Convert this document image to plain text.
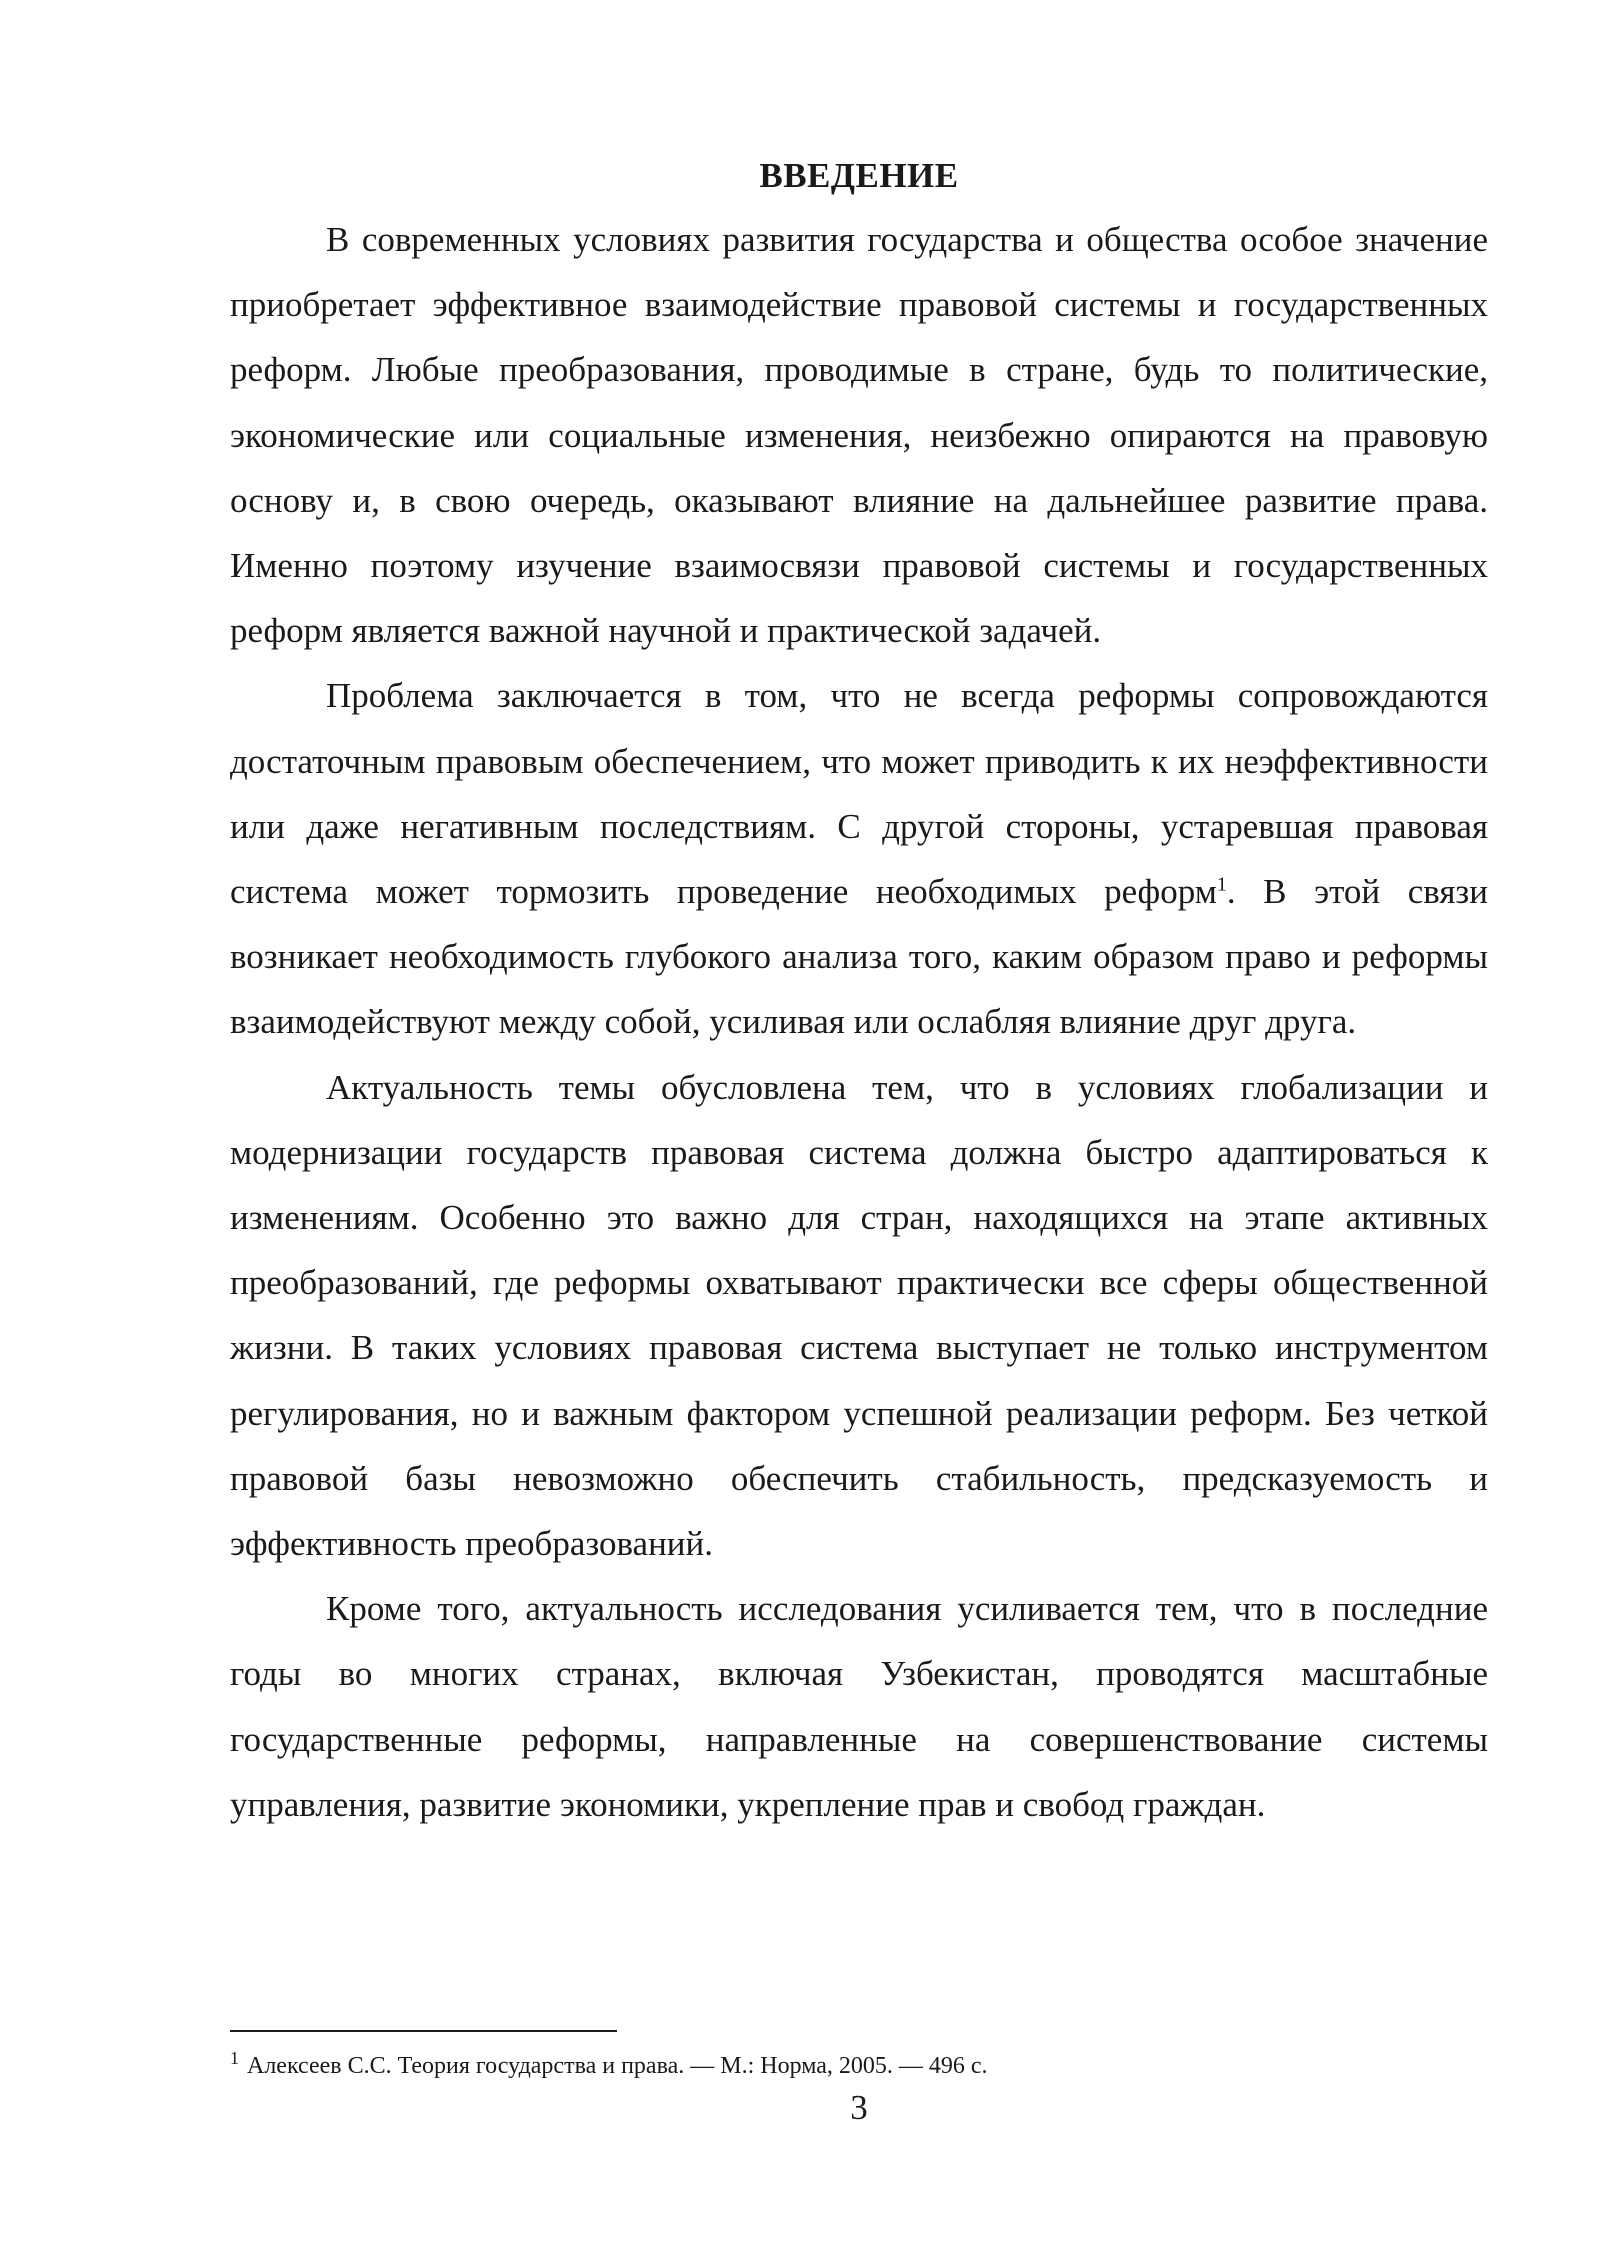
ВВЕДЕНИЕ

В современных условиях развития государства и общества особое значение приобретает эффективное взаимодействие правовой системы и государственных реформ. Любые преобразования, проводимые в стране, будь то политические, экономические или социальные изменения, неизбежно опираются на правовую основу и, в свою очередь, оказывают влияние на дальнейшее развитие права. Именно поэтому изучение взаимосвязи правовой системы и государственных реформ является важной научной и практической задачей.

Проблема заключается в том, что не всегда реформы сопровождаются достаточным правовым обеспечением, что может приводить к их неэффективности или даже негативным последствиям. С другой стороны, устаревшая правовая система может тормозить проведение необходимых реформ$^1$. В этой связи возникает необходимость глубокого анализа того, каким образом право и реформы взаимодействуют между собой, усиливая или ослабляя влияние друг друга.

Актуальность темы обусловлена тем, что в условиях глобализации и модернизации государств правовая система должна быстро адаптироваться к изменениям. Особенно это важно для стран, находящихся на этапе активных преобразований, где реформы охватывают практически все сферы общественной жизни. В таких условиях правовая система выступает не только инструментом регулирования, но и важным фактором успешной реализации реформ. Без четкой правовой базы невозможно обеспечить стабильность, предсказуемость и эффективность преобразований.

Кроме того, актуальность исследования усиливается тем, что в последние годы во многих странах, включая Узбекистан, проводятся масштабные государственные реформы, направленные на совершенствование системы управления, развитие экономики, укрепление прав и свобод граждан.

$^1$ Алексеев С.С. Теория государства и права. — М.: Норма, 2005. — 496 с.
3
